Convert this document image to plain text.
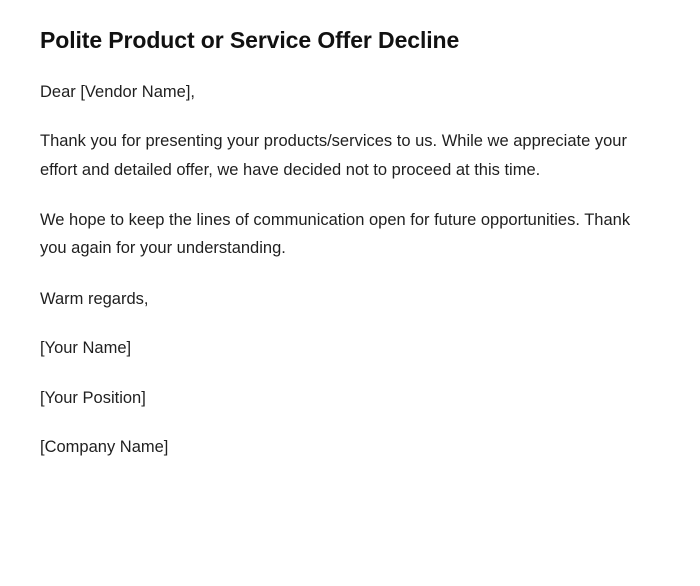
Polite Product or Service Offer Decline

Dear [Vendor Name],

Thank you for presenting your products/services to us. While we appreciate your effort and detailed offer, we have decided not to proceed at this time.

We hope to keep the lines of communication open for future opportunities. Thank you again for your understanding.

Warm regards,

[Your Name]

[Your Position]

[Company Name]
